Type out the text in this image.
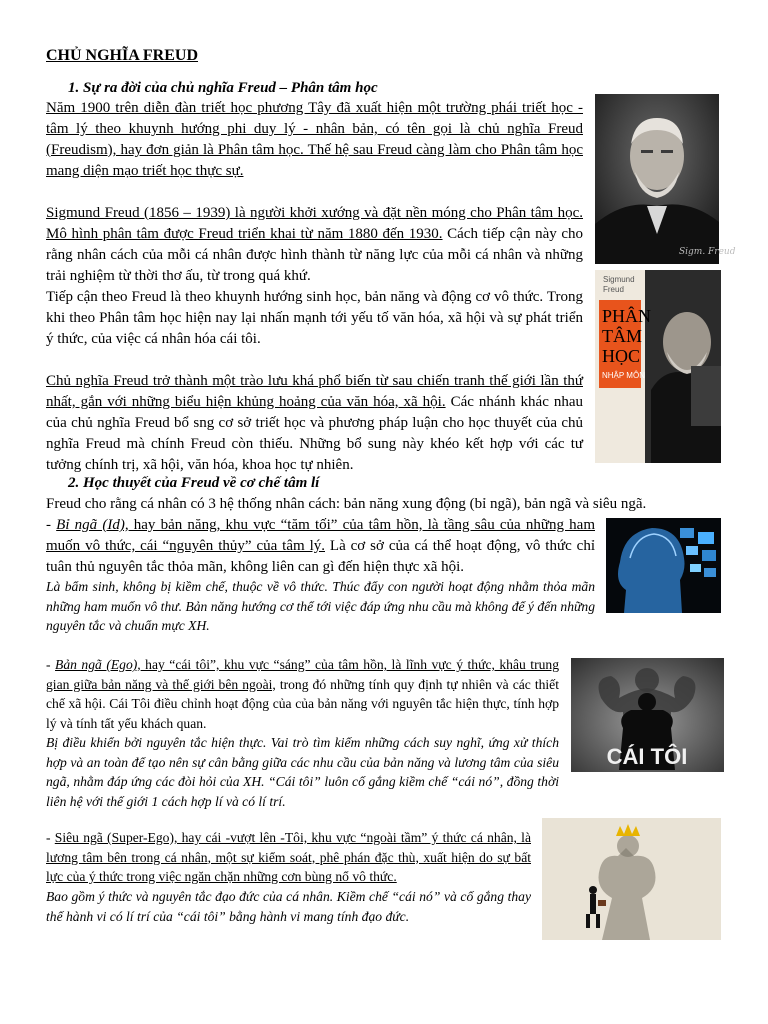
CHỦ NGHĨA FREUD
1. Sự ra đời của chủ nghĩa Freud – Phân tâm học
Năm 1900 trên diễn đàn triết học phương Tây đã xuất hiện một trường phái triết học - tâm lý theo khuynh hướng phi duy lý - nhân bản, có tên gọi là chủ nghĩa Freud (Freudism), hay đơn giản là Phân tâm học. Thế hệ sau Freud càng làm cho Phân tâm học mang diện mạo triết học thực sự.
Sigmund Freud (1856 – 1939) là người khởi xướng và đặt nền móng cho Phân tâm học. Mô hình phân tâm được Freud triển khai từ năm 1880 đến 1930. Cách tiếp cận này cho rằng nhân cách của mỗi cá nhân được hình thành từ năng lực của mỗi cá nhân và những trải nghiệm từ thời thơ ấu, từ trong quá khứ.
Tiếp cận theo Freud là theo khuynh hướng sinh học, bản năng và động cơ vô thức. Trong khi theo Phân tâm học hiện nay lại nhấn mạnh tới yếu tố văn hóa, xã hội và sự phát triển ý thức, của việc cá nhân hóa cái tôi.
Chủ nghĩa Freud trở thành một trào lưu khá phổ biến từ sau chiến tranh thế giới lần thứ nhất, gắn với những biểu hiện khủng hoảng của văn hóa, xã hội. Các nhánh khác nhau của chủ nghĩa Freud bổ sng cơ sở triết học và phương pháp luận cho học thuyết của chủ nghĩa Freud mà chính Freud còn thiếu. Những bổ sung này khéo kết hợp với các tư tưởng chính trị, xã hội, văn hóa, khoa học tự nhiên.
2. Học thuyết của Freud về cơ chế tâm lí
Freud cho rằng cá nhân có 3 hệ thống nhân cách: bản năng xung động (bỉ ngã), bản ngã và siêu ngã.
- Bỉ ngã (Id), hay bản năng, khu vực “tăm tối” của tâm hồn, là tầng sâu của những ham muốn vô thức, cái “nguyên thủy” của tâm lý. Là cơ sở của cá thể hoạt động, vô thức chỉ tuân thủ nguyên tắc thỏa mãn, không liên can gì đến hiện thực xã hội.
Là bẩm sinh, không bị kiềm chế, thuộc về vô thức. Thúc đẩy con người hoạt động nhằm thỏa mãn những ham muốn vô thư. Bản năng hướng cơ thể tới việc đáp ứng nhu cầu mà không để ý đến những nguyên tắc và chuẩn mực XH.
- Bản ngã (Ego), hay “cái tôi”, khu vực “sáng” của tâm hồn, là lĩnh vực ý thức, khâu trung gian giữa bản năng và thế giới bên ngoài, trong đó những tính quy định tự nhiên và các thiết chế xã hội. Cái Tôi điều chỉnh hoạt động của của bản năng với nguyên tắc hiện thực, tính hợp lý và tính tất yếu khách quan.
Bị điều khiển bởi nguyên tắc hiện thực. Vai trò tìm kiếm những cách suy nghĩ, ứng xử thích hợp và an toàn để tạo nên sự cân bằng giữa các nhu cầu của bản năng và lương tâm của siêu ngã, nhằm đáp ứng các đòi hỏi của XH. “Cái tôi” luôn cố gắng kiềm chế “cái nó”, đồng thời liên hệ với thế giới 1 cách hợp lí và có lí trí.
- Siêu ngã (Super-Ego), hay cái -vượt lên -Tôi, khu vực “ngoài tầm” ý thức cá nhân, là lương tâm bên trong cá nhân, một sự kiểm soát, phê phán đặc thù, xuất hiện do sự bất lực của ý thức trong việc ngăn chặn những cơn bùng nổ vô thức.
Bao gồm ý thức và nguyên tắc đạo đức của cá nhân. Kiềm chế “cái nó” và cố gắng thay thế hành vi có lí trí của “cái tôi” bằng hành vi mang tính đạo đức.
Sigm. Freud
Sigmund
Freud
PHÂN
TÂM
HỌC
NHẬP MÔN
CÁI TÔI
